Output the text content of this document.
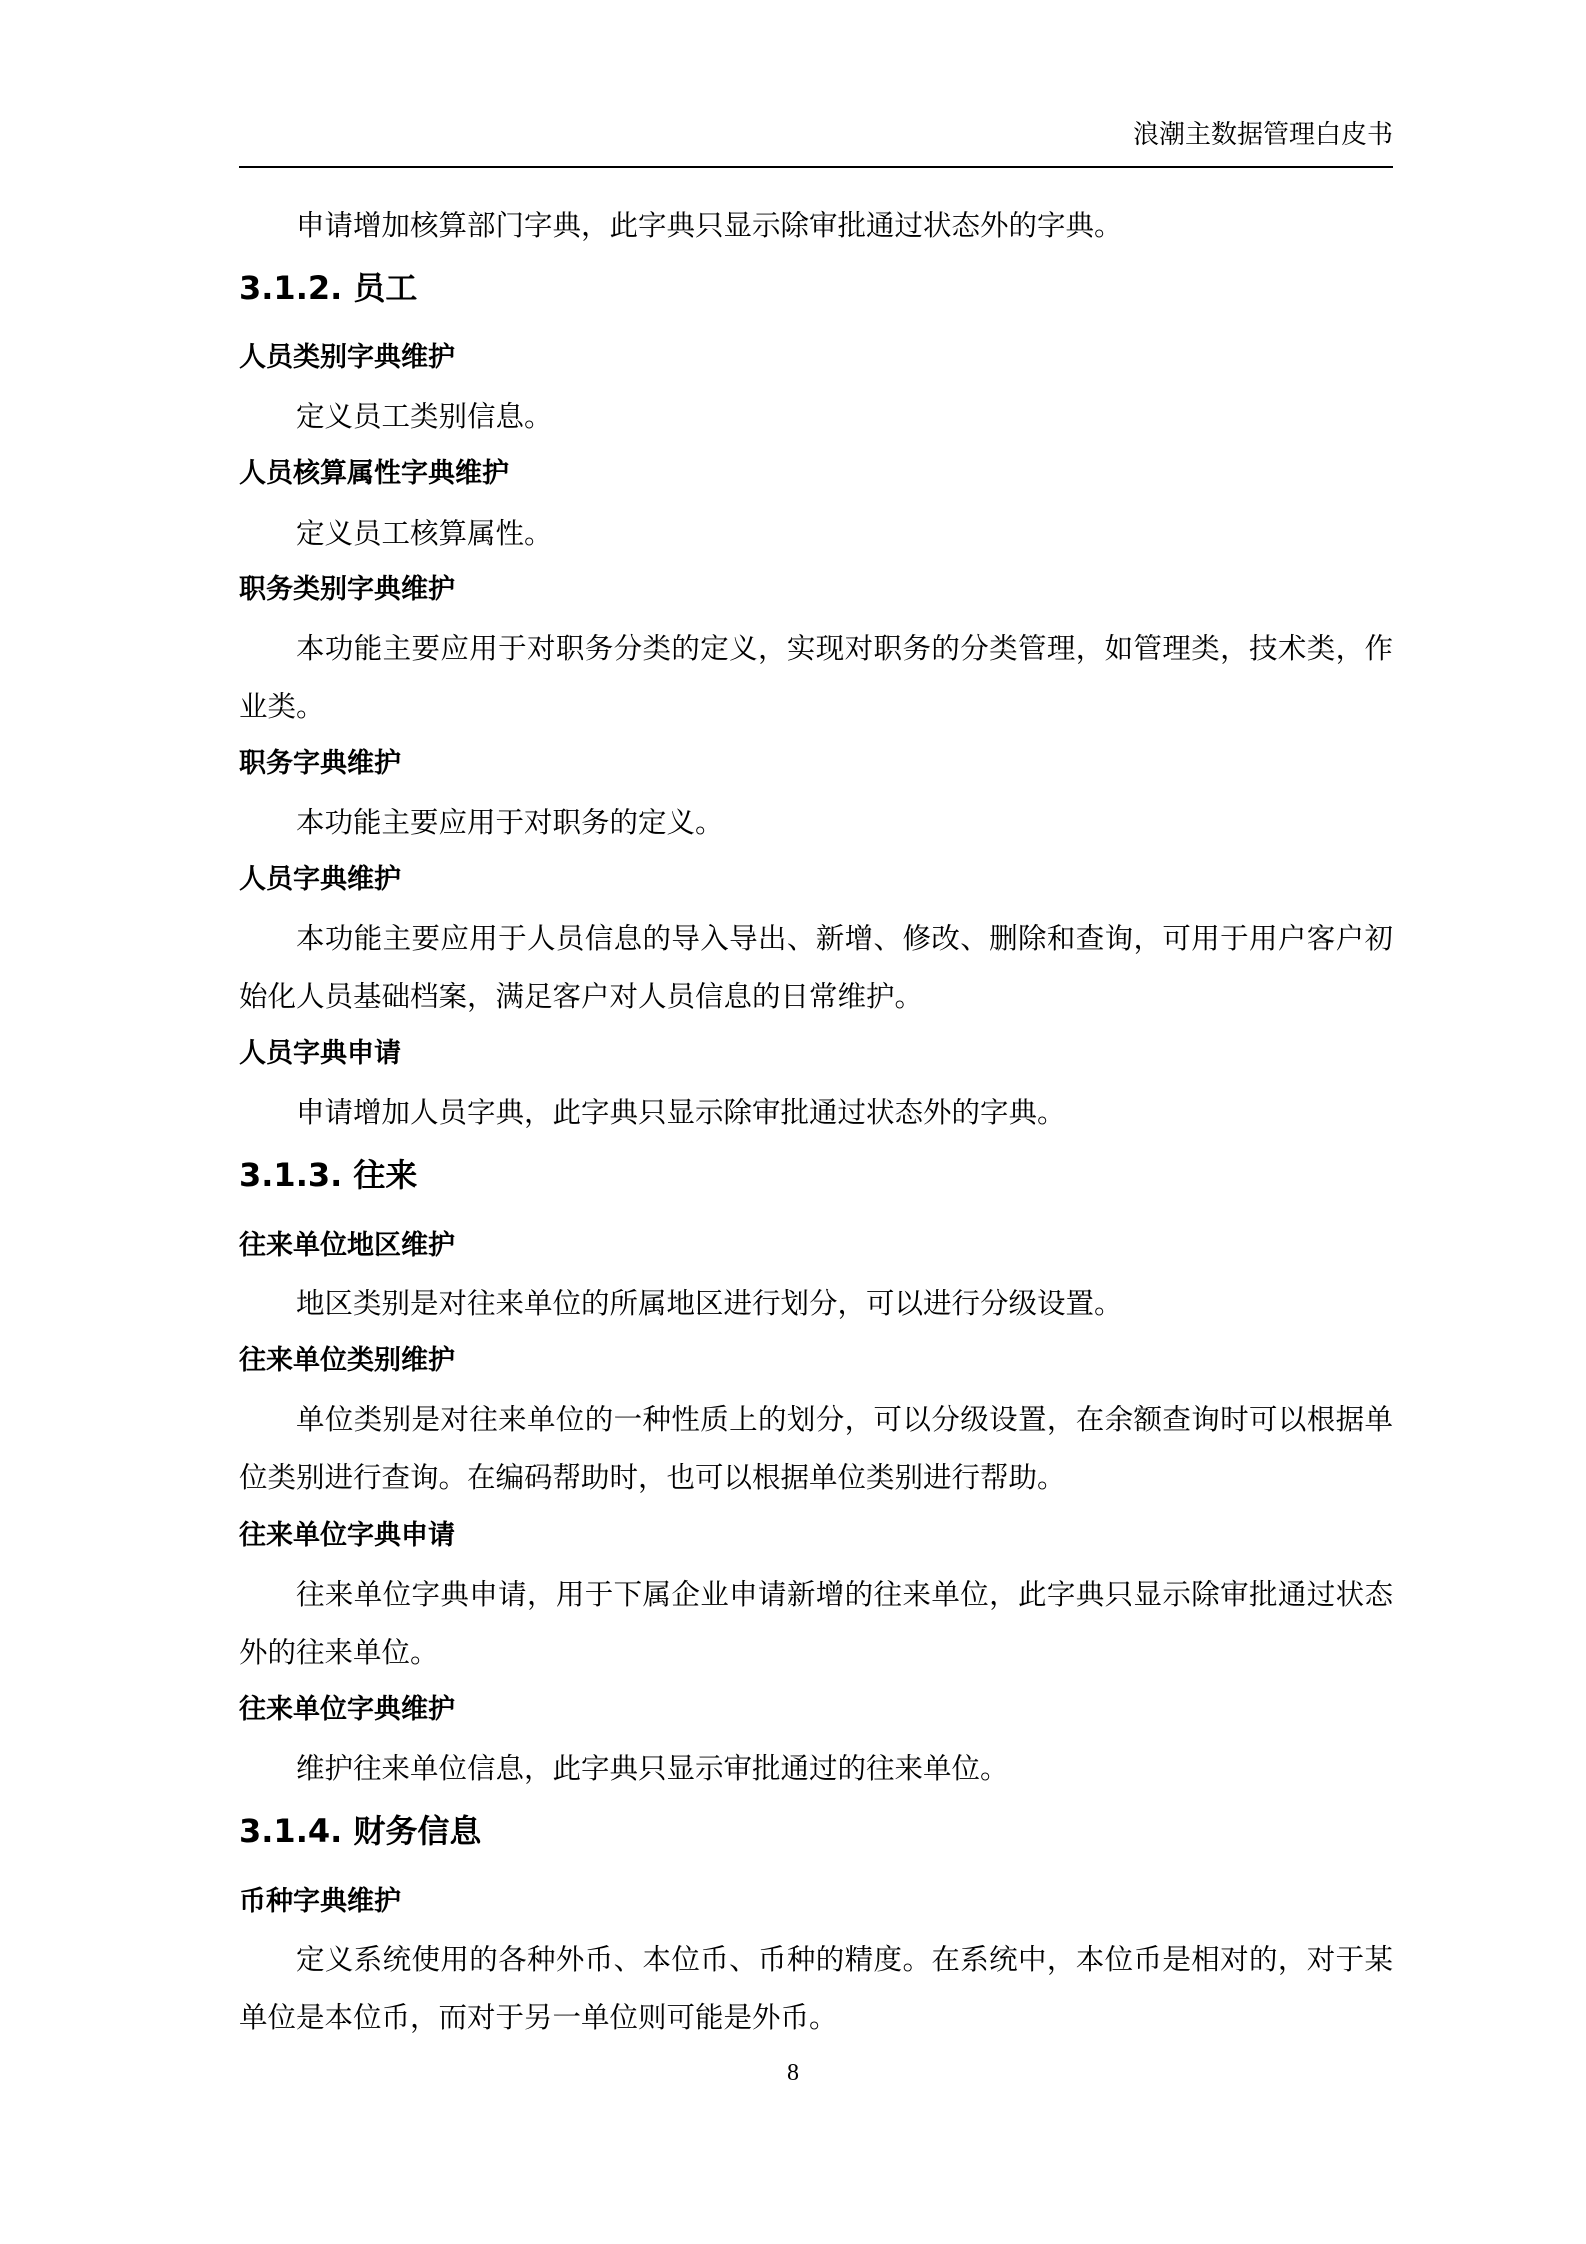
浪潮主数据管理白皮书

申请增加核算部门字典，此字典只显示除审批通过状态外的字典。

3.1.2. 员工
人员类别字典维护

定义员工类别信息。

人员核算属性字典维护

定义员工核算属性。

职务类别字典维护

本功能主要应用于对职务分类的定义，实现对职务的分类管理，如管理类，技术类，作业类。

职务字典维护

本功能主要应用于对职务的定义。

人员字典维护

本功能主要应用于人员信息的导入导出、新增、修改、删除和查询，可用于用户客户初始化人员基础档案，满足客户对人员信息的日常维护。

人员字典申请

申请增加人员字典，此字典只显示除审批通过状态外的字典。

3.1.3. 往来
往来单位地区维护

地区类别是对往来单位的所属地区进行划分，可以进行分级设置。

往来单位类别维护

单位类别是对往来单位的一种性质上的划分，可以分级设置，在余额查询时可以根据单位类别进行查询。在编码帮助时，也可以根据单位类别进行帮助。

往来单位字典申请

往来单位字典申请，用于下属企业申请新增的往来单位，此字典只显示除审批通过状态外的往来单位。

往来单位字典维护

维护往来单位信息，此字典只显示审批通过的往来单位。

3.1.4. 财务信息
币种字典维护

定义系统使用的各种外币、本位币、币种的精度。在系统中，本位币是相对的，对于某单位是本位币，而对于另一单位则可能是外币。

8
